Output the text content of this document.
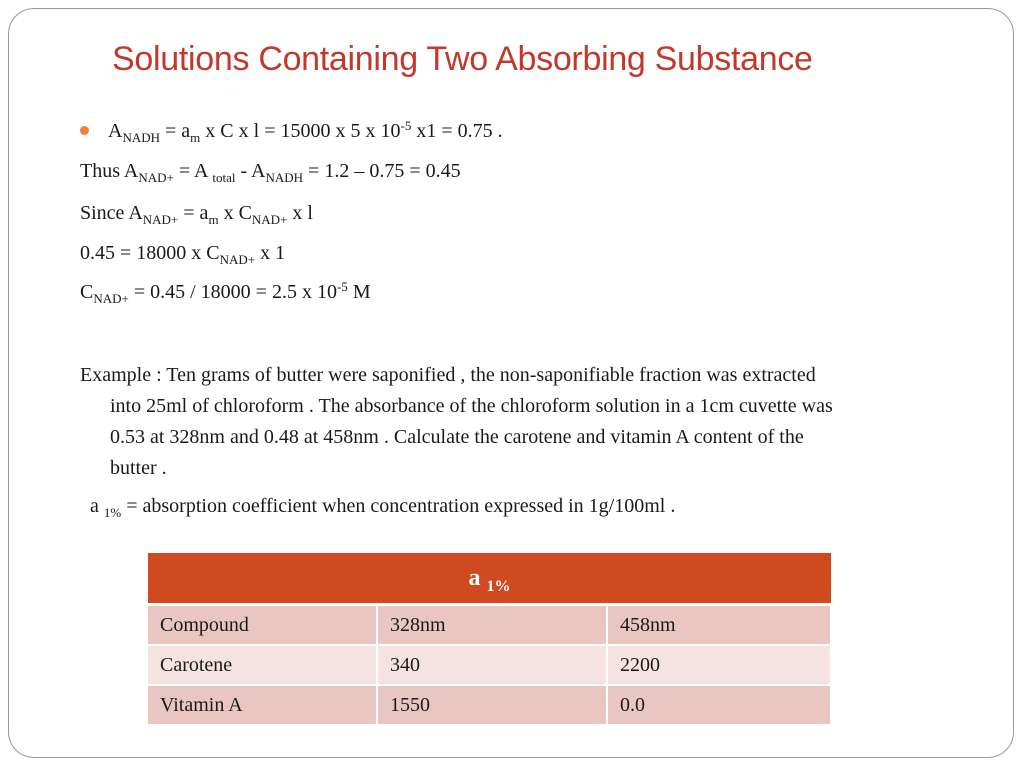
Solutions Containing Two Absorbing Substance
$A_{NADH} = a_m$ x C x l = 15000 x 5 x $10^{-5}$ x1 = 0.75 .
Thus $A_{NAD+} = A$ $_{total} - A_{NADH} = 1.2 - 0.75 = 0.45$
Since $A_{NAD+} = a_m$ x $C_{NAD+}$ x l
0.45 = 18000 x $C_{NAD+}$ x 1
$C_{NAD+} = 0.45 / 18000 = 2.5$ x $10^{-5}$ M
Example : Ten grams of butter were saponified , the non-saponifiable fraction was extracted
into 25ml of chloroform . The absorbance of the chloroform solution in a 1cm cuvette was
0.53 at 328nm and 0.48 at 458nm . Calculate the carotene and vitamin A content of the
butter .
a $_{1\%}$ = absorption coefficient when concentration expressed in 1g/100ml .
a $_{1\%}$
Compound	328nm	458nm
Carotene	340	2200
Vitamin A	1550	0.0
